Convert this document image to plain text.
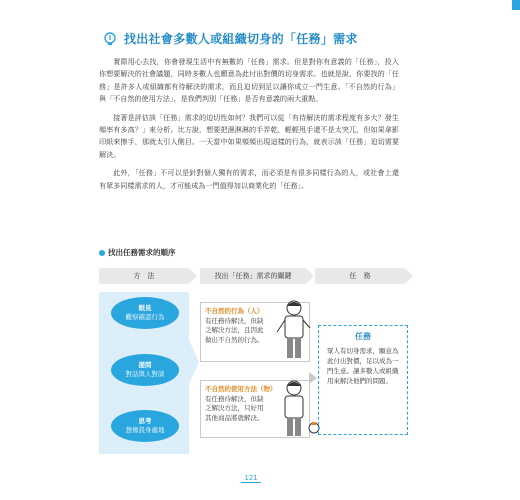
找出社會多數人或組織切身的「任務」需求

實際用心去找，你會發現生活中有無數的「任務」需求。但是對你有意義的「任務」，投入你想要解決的社會議題，同時多數人也願意為此付出對價的切身需求。也就是說，你要找的「任務」是許多人或組織都有待解決的需求，而且迫切到足以讓你成立一門生意。「不自然的行為」與「不自然的使用方法」，是我們判別「任務」是否有意義的兩大重點。

接著是評估該「任務」需求的迫切性如何？我們可以從「有待解決的需求程度有多大？發生頻率有多高？」來分析。比方說，想要把濕淋淋的手弄乾，輕輕甩手還不是太突兀，但如果拿影印紙來擦手，那就太引人側目。一天當中如果頻頻出現這樣的行為，就表示該「任務」迫切需要解決。

此外，「任務」不可以是針對個人獨有的需求，而必須是有很多同樣行為的人，或社會上還有眾多同樣需求的人，才可能成為一門值得加以商業化的「任務」。

找出任務需求的順序
方　法	找出「任務」需求的關鍵	任　務
眼見
觀察確認行為
提問
對話與人對談
思考
想像設身處地
不自然的行為（人）
有任務待解決，但缺乏解決方法，且因此做出不自然的行為。
不自然的使用方法（物）
有任務待解決，但缺乏解決方法，只好用其他商品將就解決。
任務
眾人有切身需求，願意為此付出對價，足以成為一門生意。讓多數人或組織用來解決他們的問題。
121
